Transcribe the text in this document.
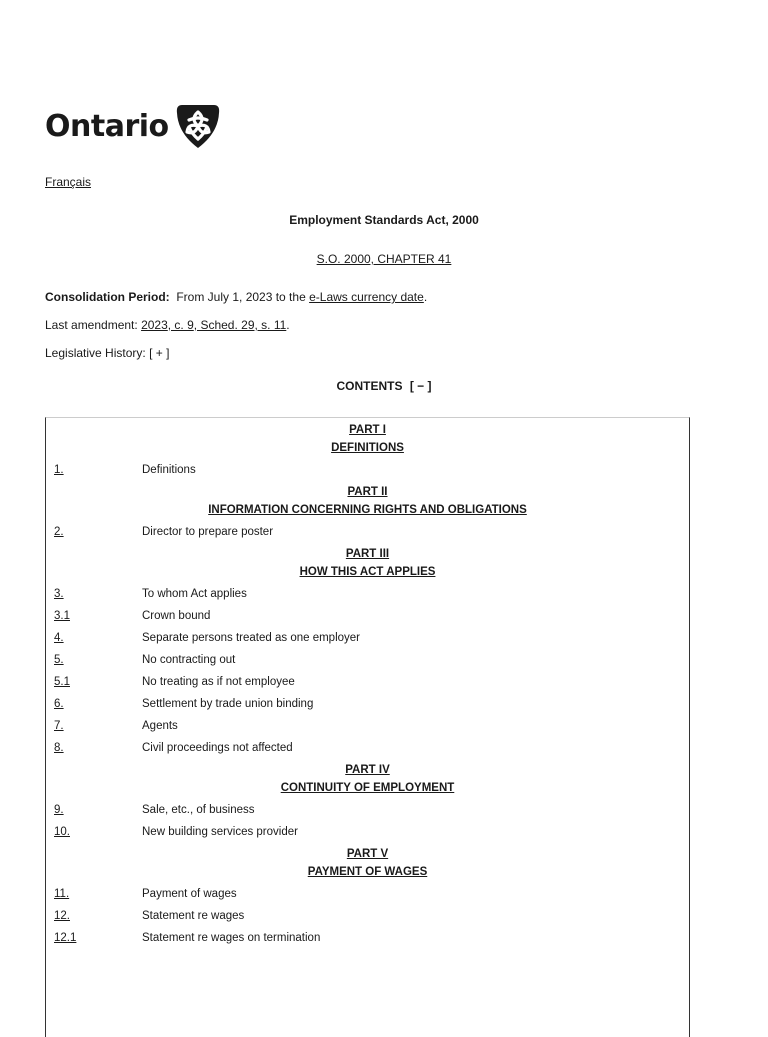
Ontario
Français
Employment Standards Act, 2000
S.O. 2000, CHAPTER 41
Consolidation Period: From July 1, 2023 to the e-Laws currency date.
Last amendment: 2023, c. 9, Sched. 29, s. 11.
Legislative History: [ + ]
CONTENTS [ − ]
PART I
DEFINITIONS
1.	Definitions
PART II
INFORMATION CONCERNING RIGHTS AND OBLIGATIONS
2.	Director to prepare poster
PART III
HOW THIS ACT APPLIES
3.	To whom Act applies
3.1	Crown bound
4.	Separate persons treated as one employer
5.	No contracting out
5.1	No treating as if not employee
6.	Settlement by trade union binding
7.	Agents
8.	Civil proceedings not affected
PART IV
CONTINUITY OF EMPLOYMENT
9.	Sale, etc., of business
10.	New building services provider
PART V
PAYMENT OF WAGES
11.	Payment of wages
12.	Statement re wages
12.1	Statement re wages on termination
